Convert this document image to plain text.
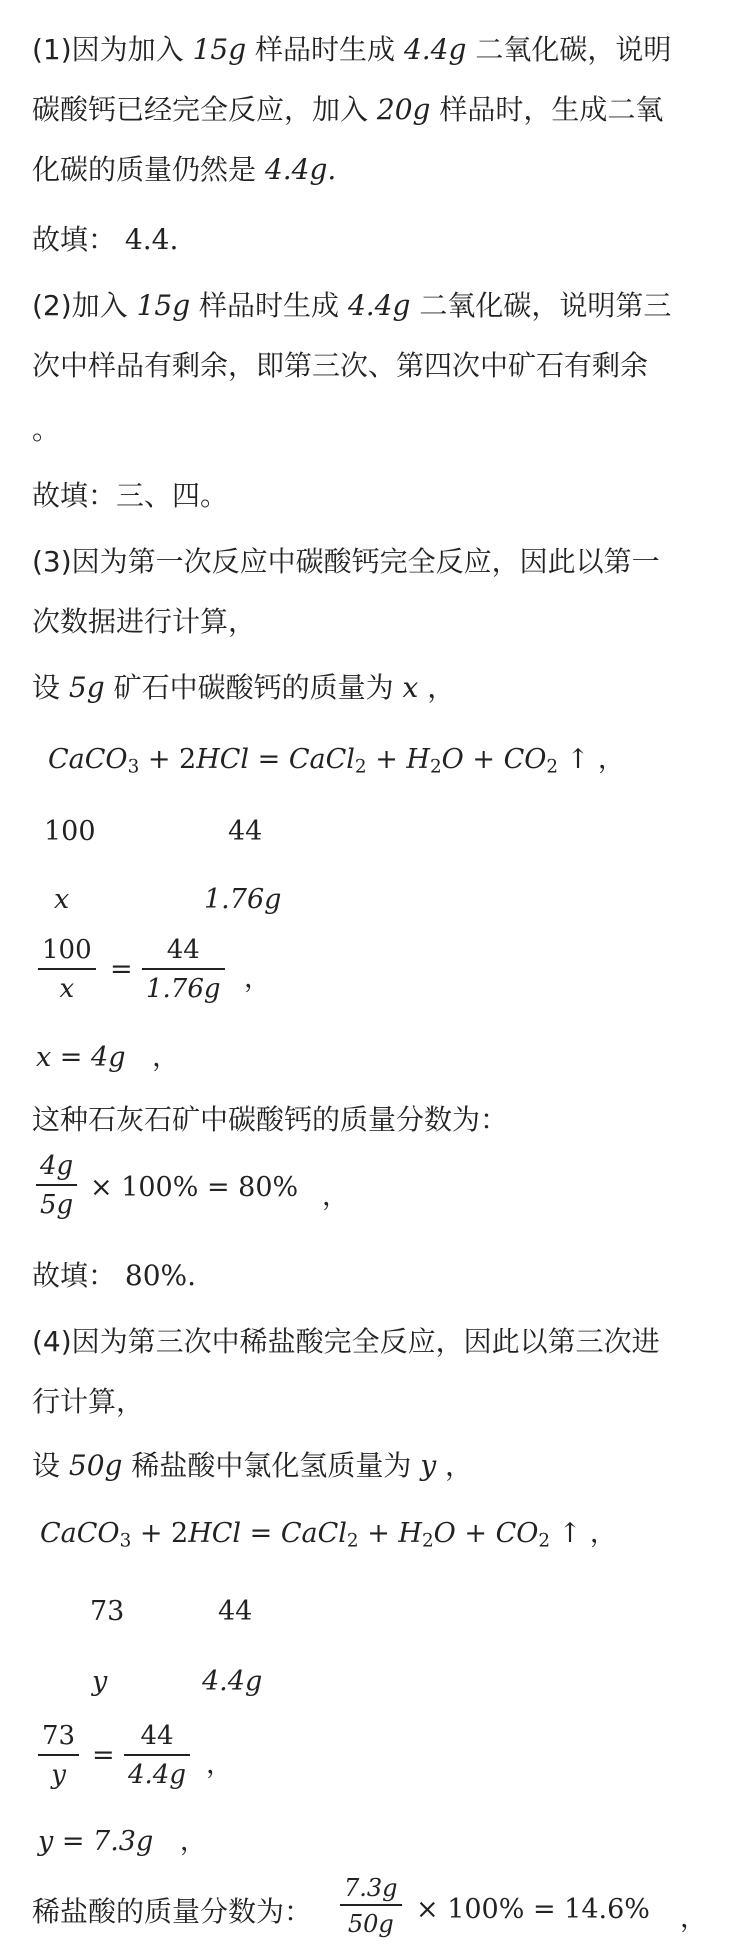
(1)因为加入 15g 样品时生成 4.4g 二氧化碳，说明
碳酸钙已经完全反应，加入 20g 样品时，生成二氧
化碳的质量仍然是 4.4g.
故填： 4.4.
(2)加入 15g 样品时生成 4.4g 二氧化碳，说明第三
次中样品有剩余，即第三次、第四次中矿石有剩余
。
故填：三、四。
(3)因为第一次反应中碳酸钙完全反应，因此以第一
次数据进行计算，
设 5g 矿石中碳酸钙的质量为 x ，
CaCO$_3$ + 2HCl = CaCl$_2$ + $H_2O + CO_2$ ↑ ，
100	44
x	1.76g
$\frac{100}{x} = \frac{44}{1.76g}$ ，
x = 4g ，
这种石灰石矿中碳酸钙的质量分数为：
$\frac{4g}{5g} \times 100\% = 80\%$ ，
故填： 80%.
(4)因为第三次中稀盐酸完全反应，因此以第三次进
行计算，
设 50g 稀盐酸中氯化氢质量为 y ，
CaCO$_3$ + 2HCl = CaCl$_2$ + $H_2O + CO_2$ ↑ ，
73	44
y	4.4g
$\frac{73}{y} = \frac{44}{4.4g}$ ，
y = 7.3g ，
稀盐酸的质量分数为： $\frac{7.3g}{50g} \times 100\% = 14.6\%$ ，
